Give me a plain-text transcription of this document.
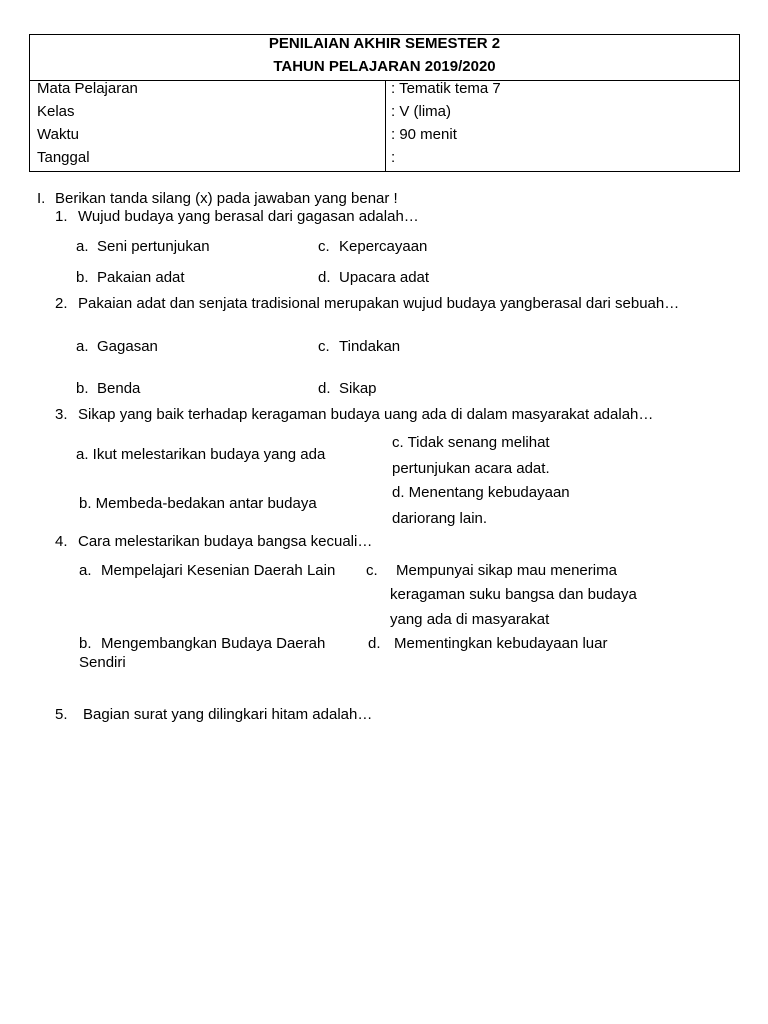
PENILAIAN AKHIR SEMESTER 2
TAHUN PELAJARAN 2019/2020
Mata Pelajaran	: Tematik tema 7
Kelas	: V (lima)
Waktu	: 90 menit
Tanggal	:
I. Berikan tanda silang (x) pada jawaban yang benar !
1. Wujud budaya yang berasal dari gagasan adalah…
a. Seni pertunjukan	c. Kepercayaan
b. Pakaian adat	d. Upacara adat
2. Pakaian adat dan senjata tradisional merupakan wujud budaya yangberasal dari sebuah…
a. Gagasan	c. Tindakan
b. Benda	d. Sikap
3. Sikap yang baik terhadap keragaman budaya uang ada di dalam masyarakat adalah…
a. Ikut melestarikan budaya yang ada
c. Tidak senang melihat
pertunjukan acara adat.
b. Membeda-bedakan antar budaya
d. Menentang kebudayaan
dariorang lain.
4. Cara melestarikan budaya bangsa kecuali…
a. Mempelajari Kesenian Daerah Lain c. Mempunyai sikap mau menerima
keragaman suku bangsa dan budaya
yang ada di masyarakat
b. Mengembangkan Budaya Daerah
Sendiri
d. Mementingkan kebudayaan luar
5. Bagian surat yang dilingkari hitam adalah…
